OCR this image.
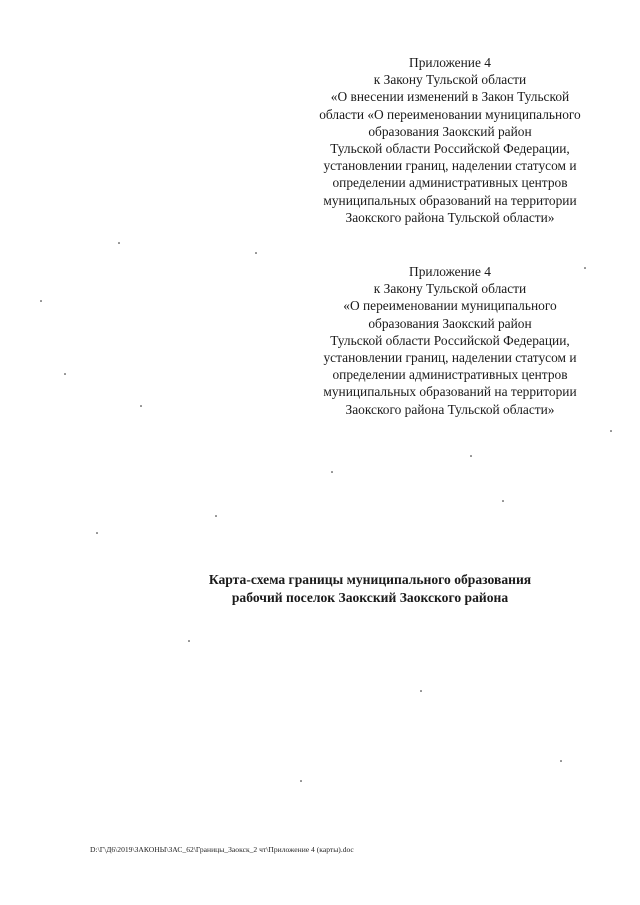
Приложение 4
к Закону Тульской области
«О внесении изменений в Закон Тульской
области «О переименовании муниципального
образования Заокский район
Тульской области Российской Федерации,
установлении границ, наделении статусом и
определении административных центров
муниципальных образований на территории
Заокского района Тульской области»
Приложение 4
к Закону Тульской области
«О переименовании муниципального
образования Заокский район
Тульской области Российской Федерации,
установлении границ, наделении статусом и
определении административных центров
муниципальных образований на территории
Заокского района Тульской области»
Карта-схема границы муниципального образования
рабочий поселок Заокский Заокского района
D:\Г\Д6\2019\ЗАКОНЫ\ЗАС_62\Границы_Заокск_2 чт\Приложение 4 (карты).doc
